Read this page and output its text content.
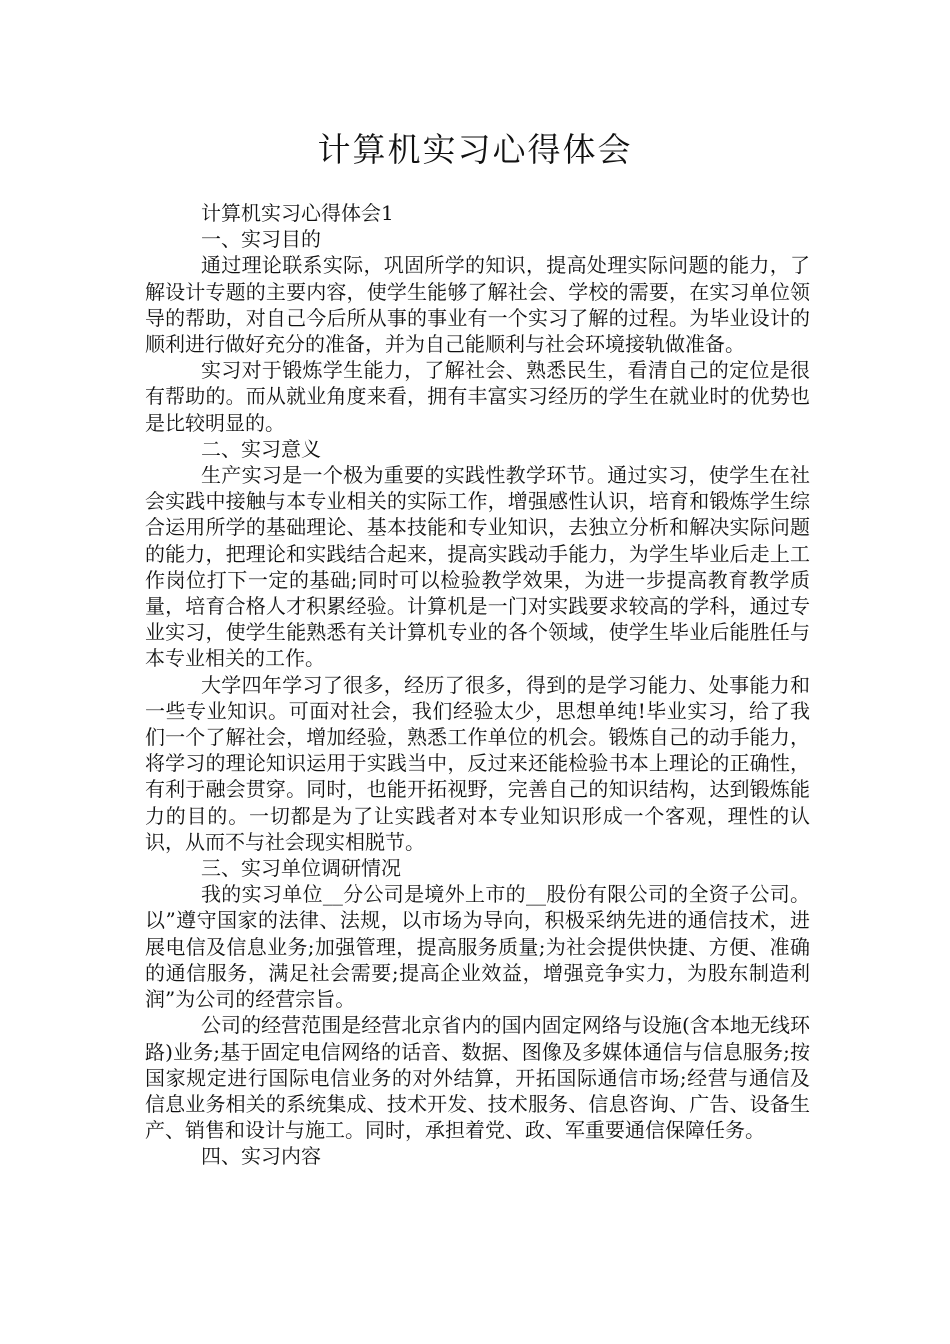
计算机实习心得体会

计算机实习心得体会1

一、实习目的

通过理论联系实际，巩固所学的知识，提高处理实际问题的能力，了解设计专题的主要内容，使学生能够了解社会、学校的需要，在实习单位领导的帮助，对自己今后所从事的事业有一个实习了解的过程。为毕业设计的顺利进行做好充分的准备，并为自己能顺利与社会环境接轨做准备。

实习对于锻炼学生能力，了解社会、熟悉民生，看清自己的定位是很有帮助的。而从就业角度来看，拥有丰富实习经历的学生在就业时的优势也是比较明显的。

二、实习意义

生产实习是一个极为重要的实践性教学环节。通过实习，使学生在社会实践中接触与本专业相关的实际工作，增强感性认识，培育和锻炼学生综合运用所学的基础理论、基本技能和专业知识，去独立分析和解决实际问题的能力，把理论和实践结合起来，提高实践动手能力，为学生毕业后走上工作岗位打下一定的基础;同时可以检验教学效果，为进一步提高教育教学质量，培育合格人才积累经验。计算机是一门对实践要求较高的学科，通过专业实习，使学生能熟悉有关计算机专业的各个领域，使学生毕业后能胜任与本专业相关的工作。

大学四年学习了很多，经历了很多，得到的是学习能力、处事能力和一些专业知识。可面对社会，我们经验太少，思想单纯!毕业实习，给了我们一个了解社会，增加经验，熟悉工作单位的机会。锻炼自己的动手能力，将学习的理论知识运用于实践当中，反过来还能检验书本上理论的正确性，有利于融会贯穿。同时，也能开拓视野，完善自己的知识结构，达到锻炼能力的目的。一切都是为了让实践者对本专业知识形成一个客观，理性的认识，从而不与社会现实相脱节。

三、实习单位调研情况

我的实习单位__分公司是境外上市的__股份有限公司的全资子公司。以”遵守国家的法律、法规，以市场为导向，积极采纳先进的通信技术，进展电信及信息业务;加强管理，提高服务质量;为社会提供快捷、方便、准确的通信服务，满足社会需要;提高企业效益，增强竞争实力，为股东制造利润”为公司的经营宗旨。

公司的经营范围是经营北京省内的国内固定网络与设施(含本地无线环路)业务;基于固定电信网络的话音、数据、图像及多媒体通信与信息服务;按国家规定进行国际电信业务的对外结算，开拓国际通信市场;经营与通信及信息业务相关的系统集成、技术开发、技术服务、信息咨询、广告、设备生产、销售和设计与施工。同时，承担着党、政、军重要通信保障任务。

四、实习内容
